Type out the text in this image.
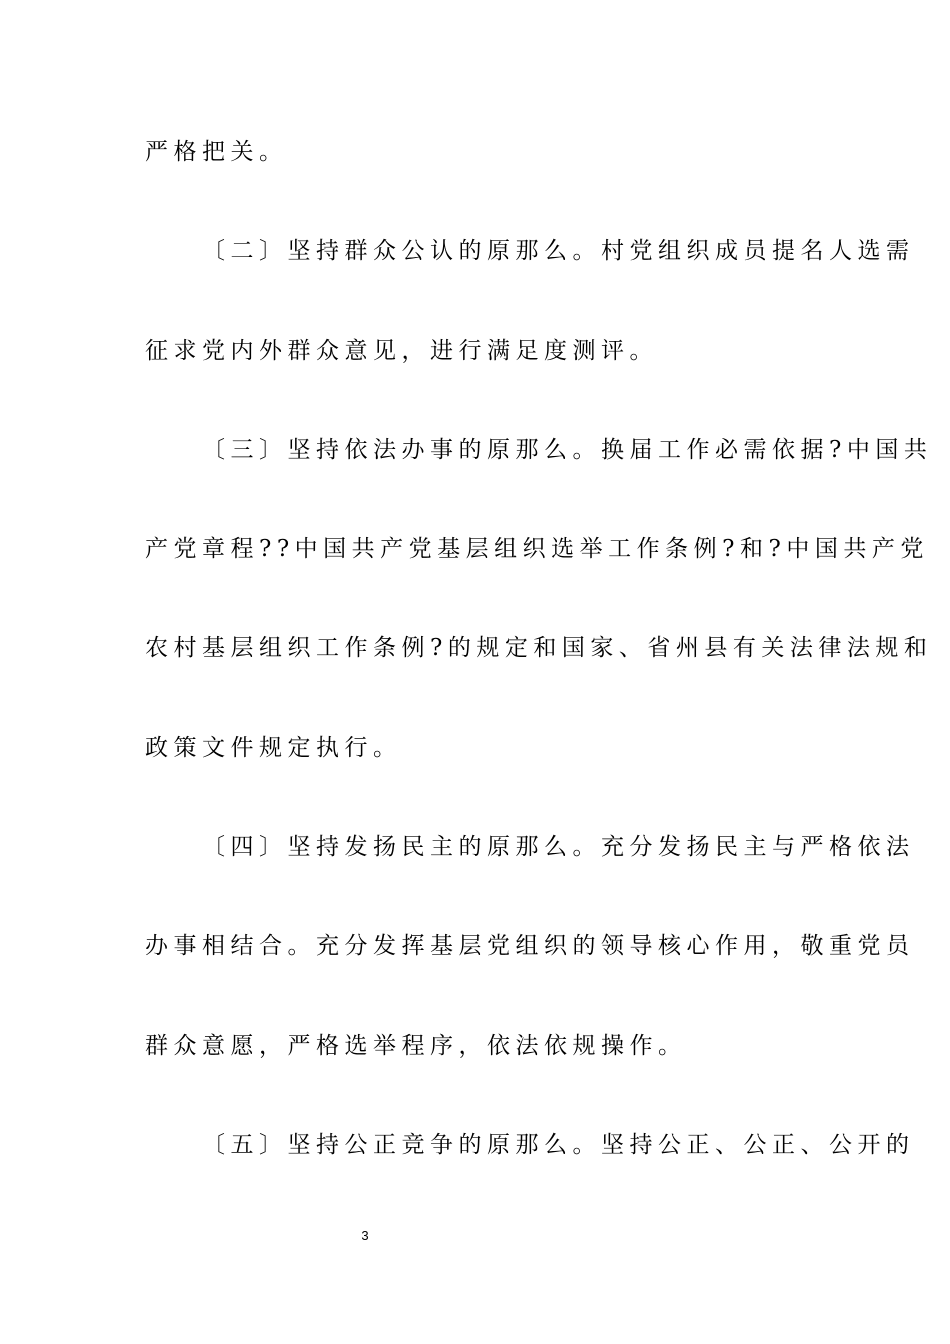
严格把关。
〔二〕坚持群众公认的原那么。村党组织成员提名人选需
征求党内外群众意见，进行满足度测评。
〔三〕坚持依法办事的原那么。换届工作必需依据?中国共
产党章程??中国共产党基层组织选举工作条例?和?中国共产党
农村基层组织工作条例?的规定和国家、省州县有关法律法规和
政策文件规定执行。
〔四〕坚持发扬民主的原那么。充分发扬民主与严格依法
办事相结合。充分发挥基层党组织的领导核心作用，敬重党员
群众意愿，严格选举程序，依法依规操作。
〔五〕坚持公正竞争的原那么。坚持公正、公正、公开的
3
